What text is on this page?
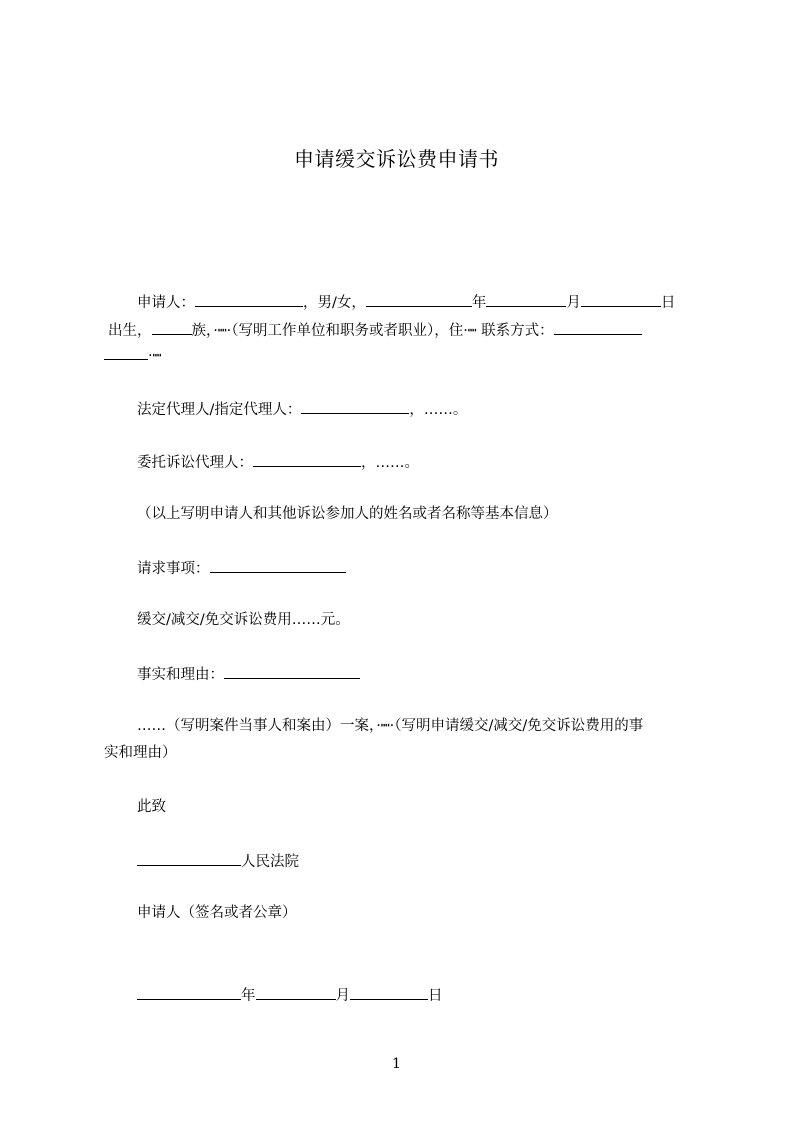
申请缓交诉讼费申请书
申请人：	，男/女，	年	月	日
出生，	族，·┉·（写明工作单位和职务或者职业），住·┉ 联系方式：
·┉
法定代理人/指定代理人：	，……。
委托诉讼代理人：	，……。
（以上写明申请人和其他诉讼参加人的姓名或者名称等基本信息）
请求事项：
缓交/减交/免交诉讼费用……元。
事实和理由：
……（写明案件当事人和案由）一案，·┉·（写明申请缓交/减交/免交诉讼费用的事
实和理由）
此致
人民法院
申请人（签名或者公章）
年	月	日
1
